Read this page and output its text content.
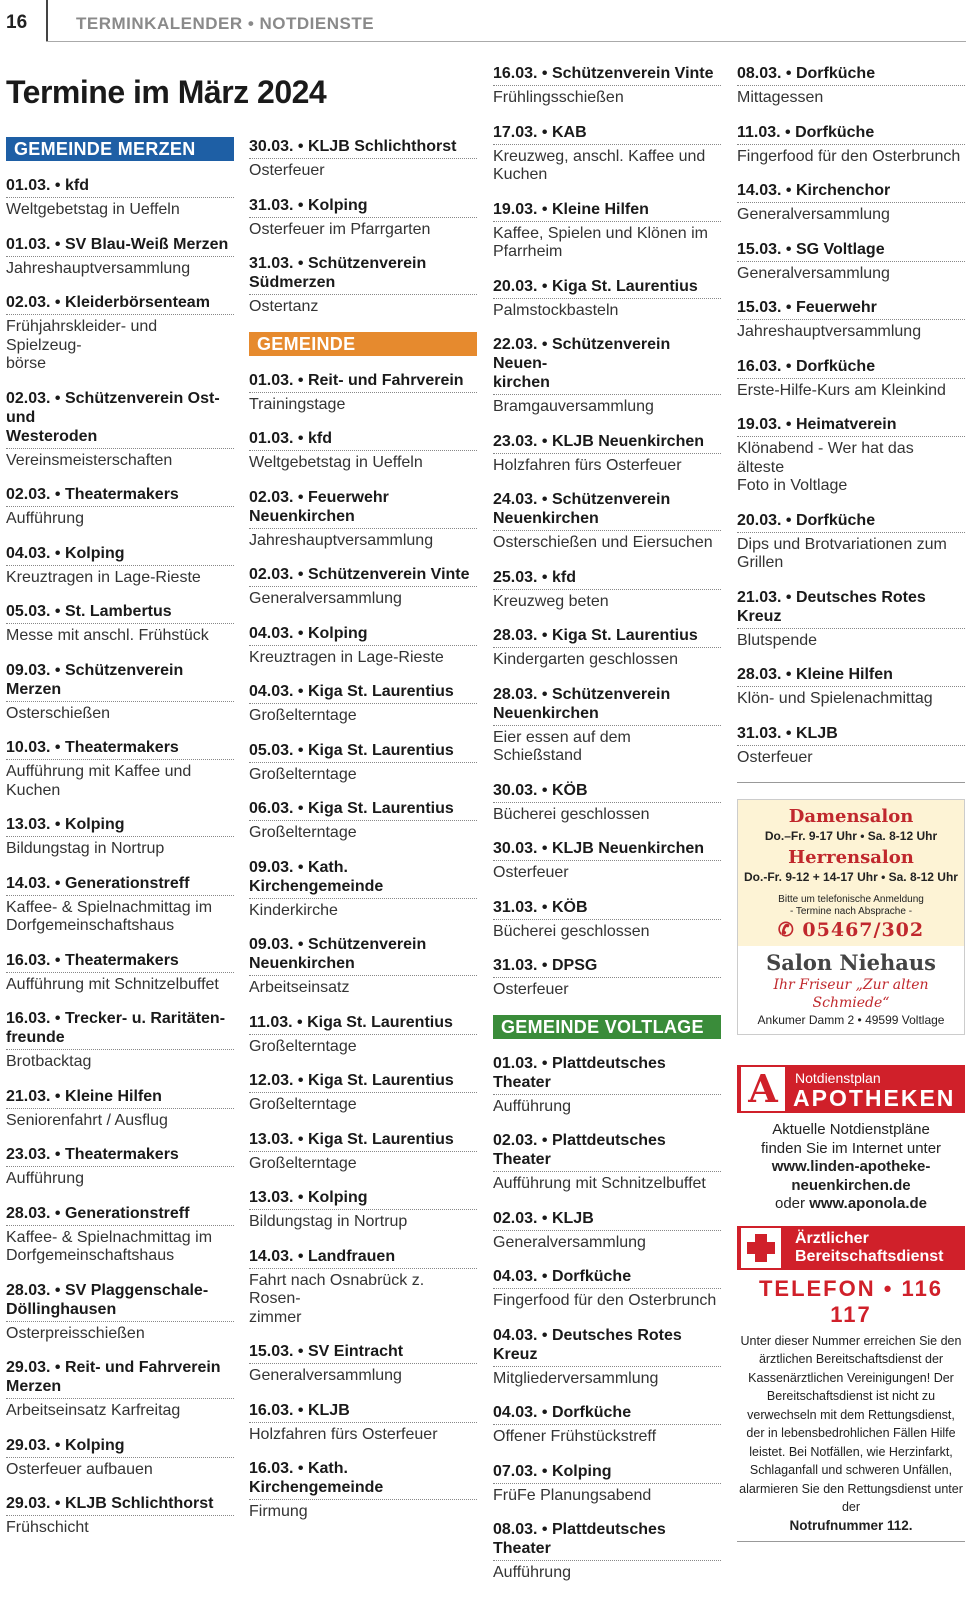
16	TERMINKALENDER • NOTDIENSTE
Termine im März 2024
GEMEINDE MERZEN
01.03. • kfd
Weltgebetstag in Ueffeln
01.03. • SV Blau-Weiß Merzen
Jahreshauptversammlung
02.03. • Kleiderbörsenteam
Frühjahrskleider- und Spielzeug-
börse
02.03. • Schützenverein Ost- und
Westeroden
Vereinsmeisterschaften
02.03. • Theatermakers
Aufführung
04.03. • Kolping
Kreuztragen in Lage-Rieste
05.03. • St. Lambertus
Messe mit anschl. Frühstück
09.03. • Schützenverein Merzen
Osterschießen
10.03. • Theatermakers
Aufführung mit Kaffee und Kuchen
13.03. • Kolping
Bildungstag in Nortrup
14.03. • Generationstreff
Kaffee- & Spielnachmittag im
Dorfgemeinschaftshaus
16.03. • Theatermakers
Aufführung mit Schnitzelbuffet
16.03. • Trecker- u. Raritäten-
freunde
Brotbacktag
21.03. • Kleine Hilfen
Seniorenfahrt / Ausflug
23.03. • Theatermakers
Aufführung
28.03. • Generationstreff
Kaffee- & Spielnachmittag im
Dorfgemeinschaftshaus
28.03. • SV Plaggenschale-
Döllinghausen
Osterpreisschießen
29.03. • Reit- und Fahrverein
Merzen
Arbeitseinsatz Karfreitag
29.03. • Kolping
Osterfeuer aufbauen
29.03. • KLJB Schlichthorst
Frühschicht
30.03. • KLJB Schlichthorst
Osterfeuer
31.03. • Kolping
Osterfeuer im Pfarrgarten
31.03. • Schützenverein
Südmerzen
Ostertanz
GEMEINDE NEUENKIRCHEN
01.03. • Reit- und Fahrverein
Trainingstage
01.03. • kfd
Weltgebetstag in Ueffeln
02.03. • Feuerwehr Neuenkirchen
Jahreshauptversammlung
02.03. • Schützenverein Vinte
Generalversammlung
04.03. • Kolping
Kreuztragen in Lage-Rieste
04.03. • Kiga St. Laurentius
Großelterntage
05.03. • Kiga St. Laurentius
Großelterntage
06.03. • Kiga St. Laurentius
Großelterntage
09.03. • Kath. Kirchengemeinde
Kinderkirche
09.03. • Schützenverein
Neuenkirchen
Arbeitseinsatz
11.03. • Kiga St. Laurentius
Großelterntage
12.03. • Kiga St. Laurentius
Großelterntage
13.03. • Kiga St. Laurentius
Großelterntage
13.03. • Kolping
Bildungstag in Nortrup
14.03. • Landfrauen
Fahrt nach Osnabrück z. Rosen-
zimmer
15.03. • SV Eintracht
Generalversammlung
16.03. • KLJB
Holzfahren fürs Osterfeuer
16.03. • Kath. Kirchengemeinde
Firmung
16.03. • Schützenverein Vinte
Frühlingsschießen
17.03. • KAB
Kreuzweg, anschl. Kaffee und
Kuchen
19.03. • Kleine Hilfen
Kaffee, Spielen und Klönen im
Pfarrheim
20.03. • Kiga St. Laurentius
Palmstockbasteln
22.03. • Schützenverein Neuen-
kirchen
Bramgauversammlung
23.03. • KLJB Neuenkirchen
Holzfahren fürs Osterfeuer
24.03. • Schützenverein
Neuenkirchen
Osterschießen und Eiersuchen
25.03. • kfd
Kreuzweg beten
28.03. • Kiga St. Laurentius
Kindergarten geschlossen
28.03. • Schützenverein
Neuenkirchen
Eier essen auf dem Schießstand
30.03. • KÖB
Bücherei geschlossen
30.03. • KLJB Neuenkirchen
Osterfeuer
31.03. • KÖB
Bücherei geschlossen
31.03. • DPSG
Osterfeuer
GEMEINDE VOLTLAGE
01.03. • Plattdeutsches Theater
Aufführung
02.03. • Plattdeutsches Theater
Aufführung mit Schnitzelbuffet
02.03. • KLJB
Generalversammlung
04.03. • Dorfküche
Fingerfood für den Osterbrunch
04.03. • Deutsches Rotes Kreuz
Mitgliederversammlung
04.03. • Dorfküche
Offener Frühstückstreff
07.03. • Kolping
FrüFe Planungsabend
08.03. • Plattdeutsches Theater
Aufführung
08.03. • Dorfküche
Mittagessen
11.03. • Dorfküche
Fingerfood für den Osterbrunch
14.03. • Kirchenchor
Generalversammlung
15.03. • SG Voltlage
Generalversammlung
15.03. • Feuerwehr
Jahreshauptversammlung
16.03. • Dorfküche
Erste-Hilfe-Kurs am Kleinkind
19.03. • Heimatverein
Klönabend - Wer hat das älteste
Foto in Voltlage
20.03. • Dorfküche
Dips und Brotvariationen zum
Grillen
21.03. • Deutsches Rotes Kreuz
Blutspende
28.03. • Kleine Hilfen
Klön- und Spielenachmittag
31.03. • KLJB
Osterfeuer
Damensalon
Do.–Fr. 9-17 Uhr • Sa. 8-12 Uhr
Herrensalon
Do.-Fr. 9-12 + 14-17 Uhr • Sa. 8-12 Uhr
Bitte um telefonische Anmeldung
- Termine nach Absprache -
✆ 05467/302
Salon Niehaus
Ihr Friseur „Zur alten Schmiede“
Ankumer Damm 2 • 49599 Voltlage
A	Notdienstplan
APOTHEKEN
Aktuelle Notdienstpläne
finden Sie im Internet unter
www.linden-apotheke-
neuenkirchen.de
oder www.aponola.de
Ärztlicher
Bereitschaftsdienst
TELEFON • 116 117
Unter dieser Nummer erreichen Sie den ärztlichen Bereitschaftsdienst der Kassenärztlichen Vereinigungen! Der Bereitschaftsdienst ist nicht zu verwechseln mit dem Rettungsdienst, der in lebensbedrohlichen Fällen Hilfe leistet. Bei Notfällen, wie Herzinfarkt, Schlaganfall und schweren Unfällen, alarmieren Sie den Rettungsdienst unter der
Notrufnummer 112.
